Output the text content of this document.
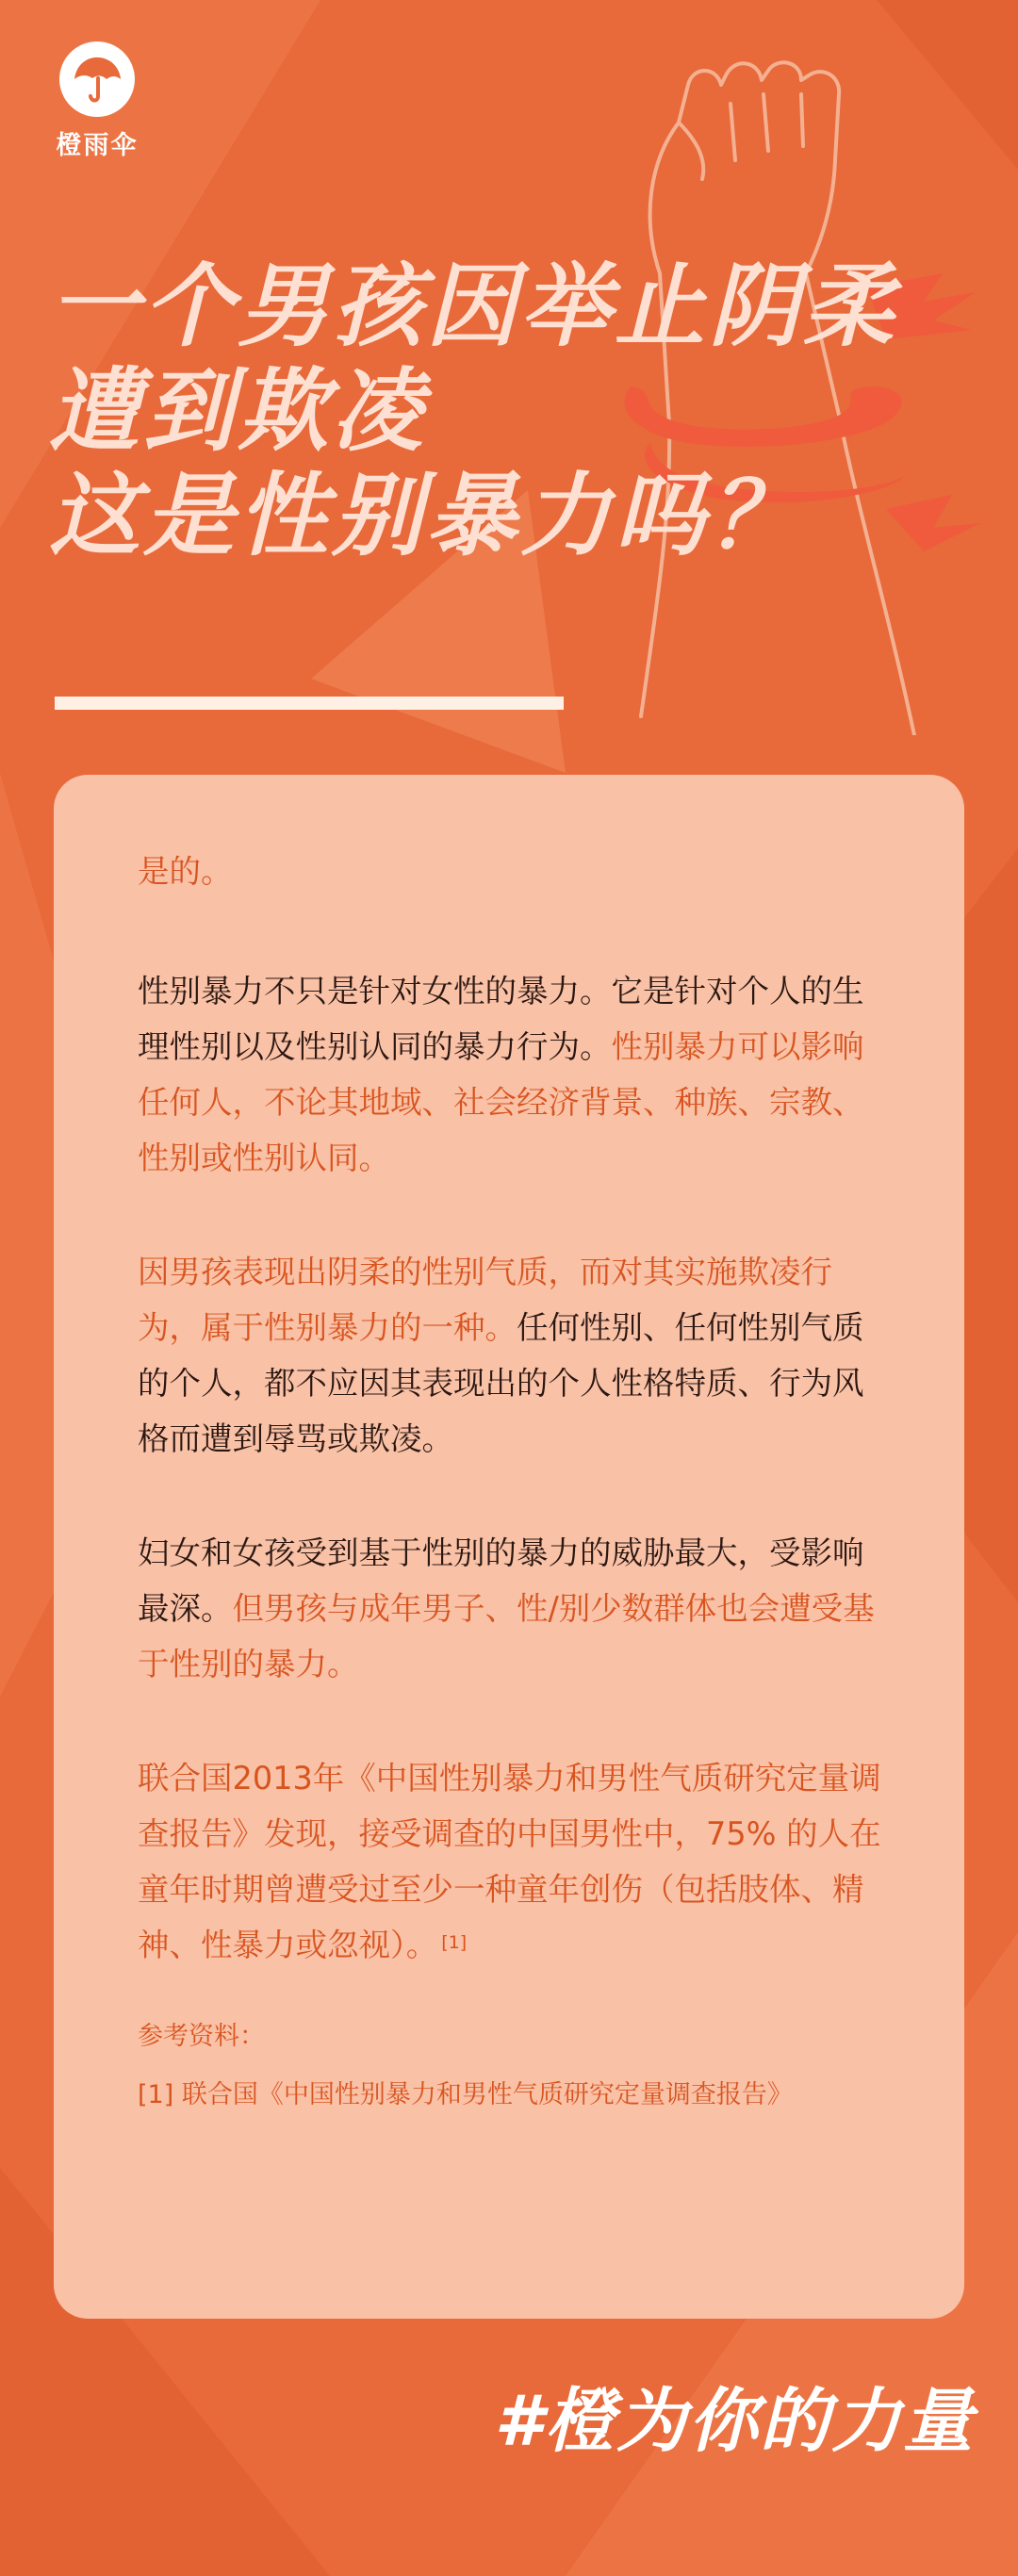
橙雨伞
一个男孩因举止阴柔
遭到欺凌
这是性别暴力吗？

是的。

性别暴力不只是针对女性的暴力。它是针对个人的生理性别以及性别认同的暴力行为。性别暴力可以影响任何人，不论其地域、社会经济背景、种族、宗教、性别或性别认同。

因男孩表现出阴柔的性别气质，而对其实施欺凌行为，属于性别暴力的一种。任何性别、任何性别气质的个人，都不应因其表现出的个人性格特质、行为风格而遭到辱骂或欺凌。

妇女和女孩受到基于性别的暴力的威胁最大，受影响最深。但男孩与成年男子、性/别少数群体也会遭受基于性别的暴力。

联合国2013年《中国性别暴力和男性气质研究定量调查报告》发现，接受调查的中国男性中，75% 的人在童年时期曾遭受过至少一种童年创伤（包括肢体、精神、性暴力或忽视）。 [1]

参考资料：

[1] 联合国《中国性别暴力和男性气质研究定量调查报告》

#橙为你的力量
